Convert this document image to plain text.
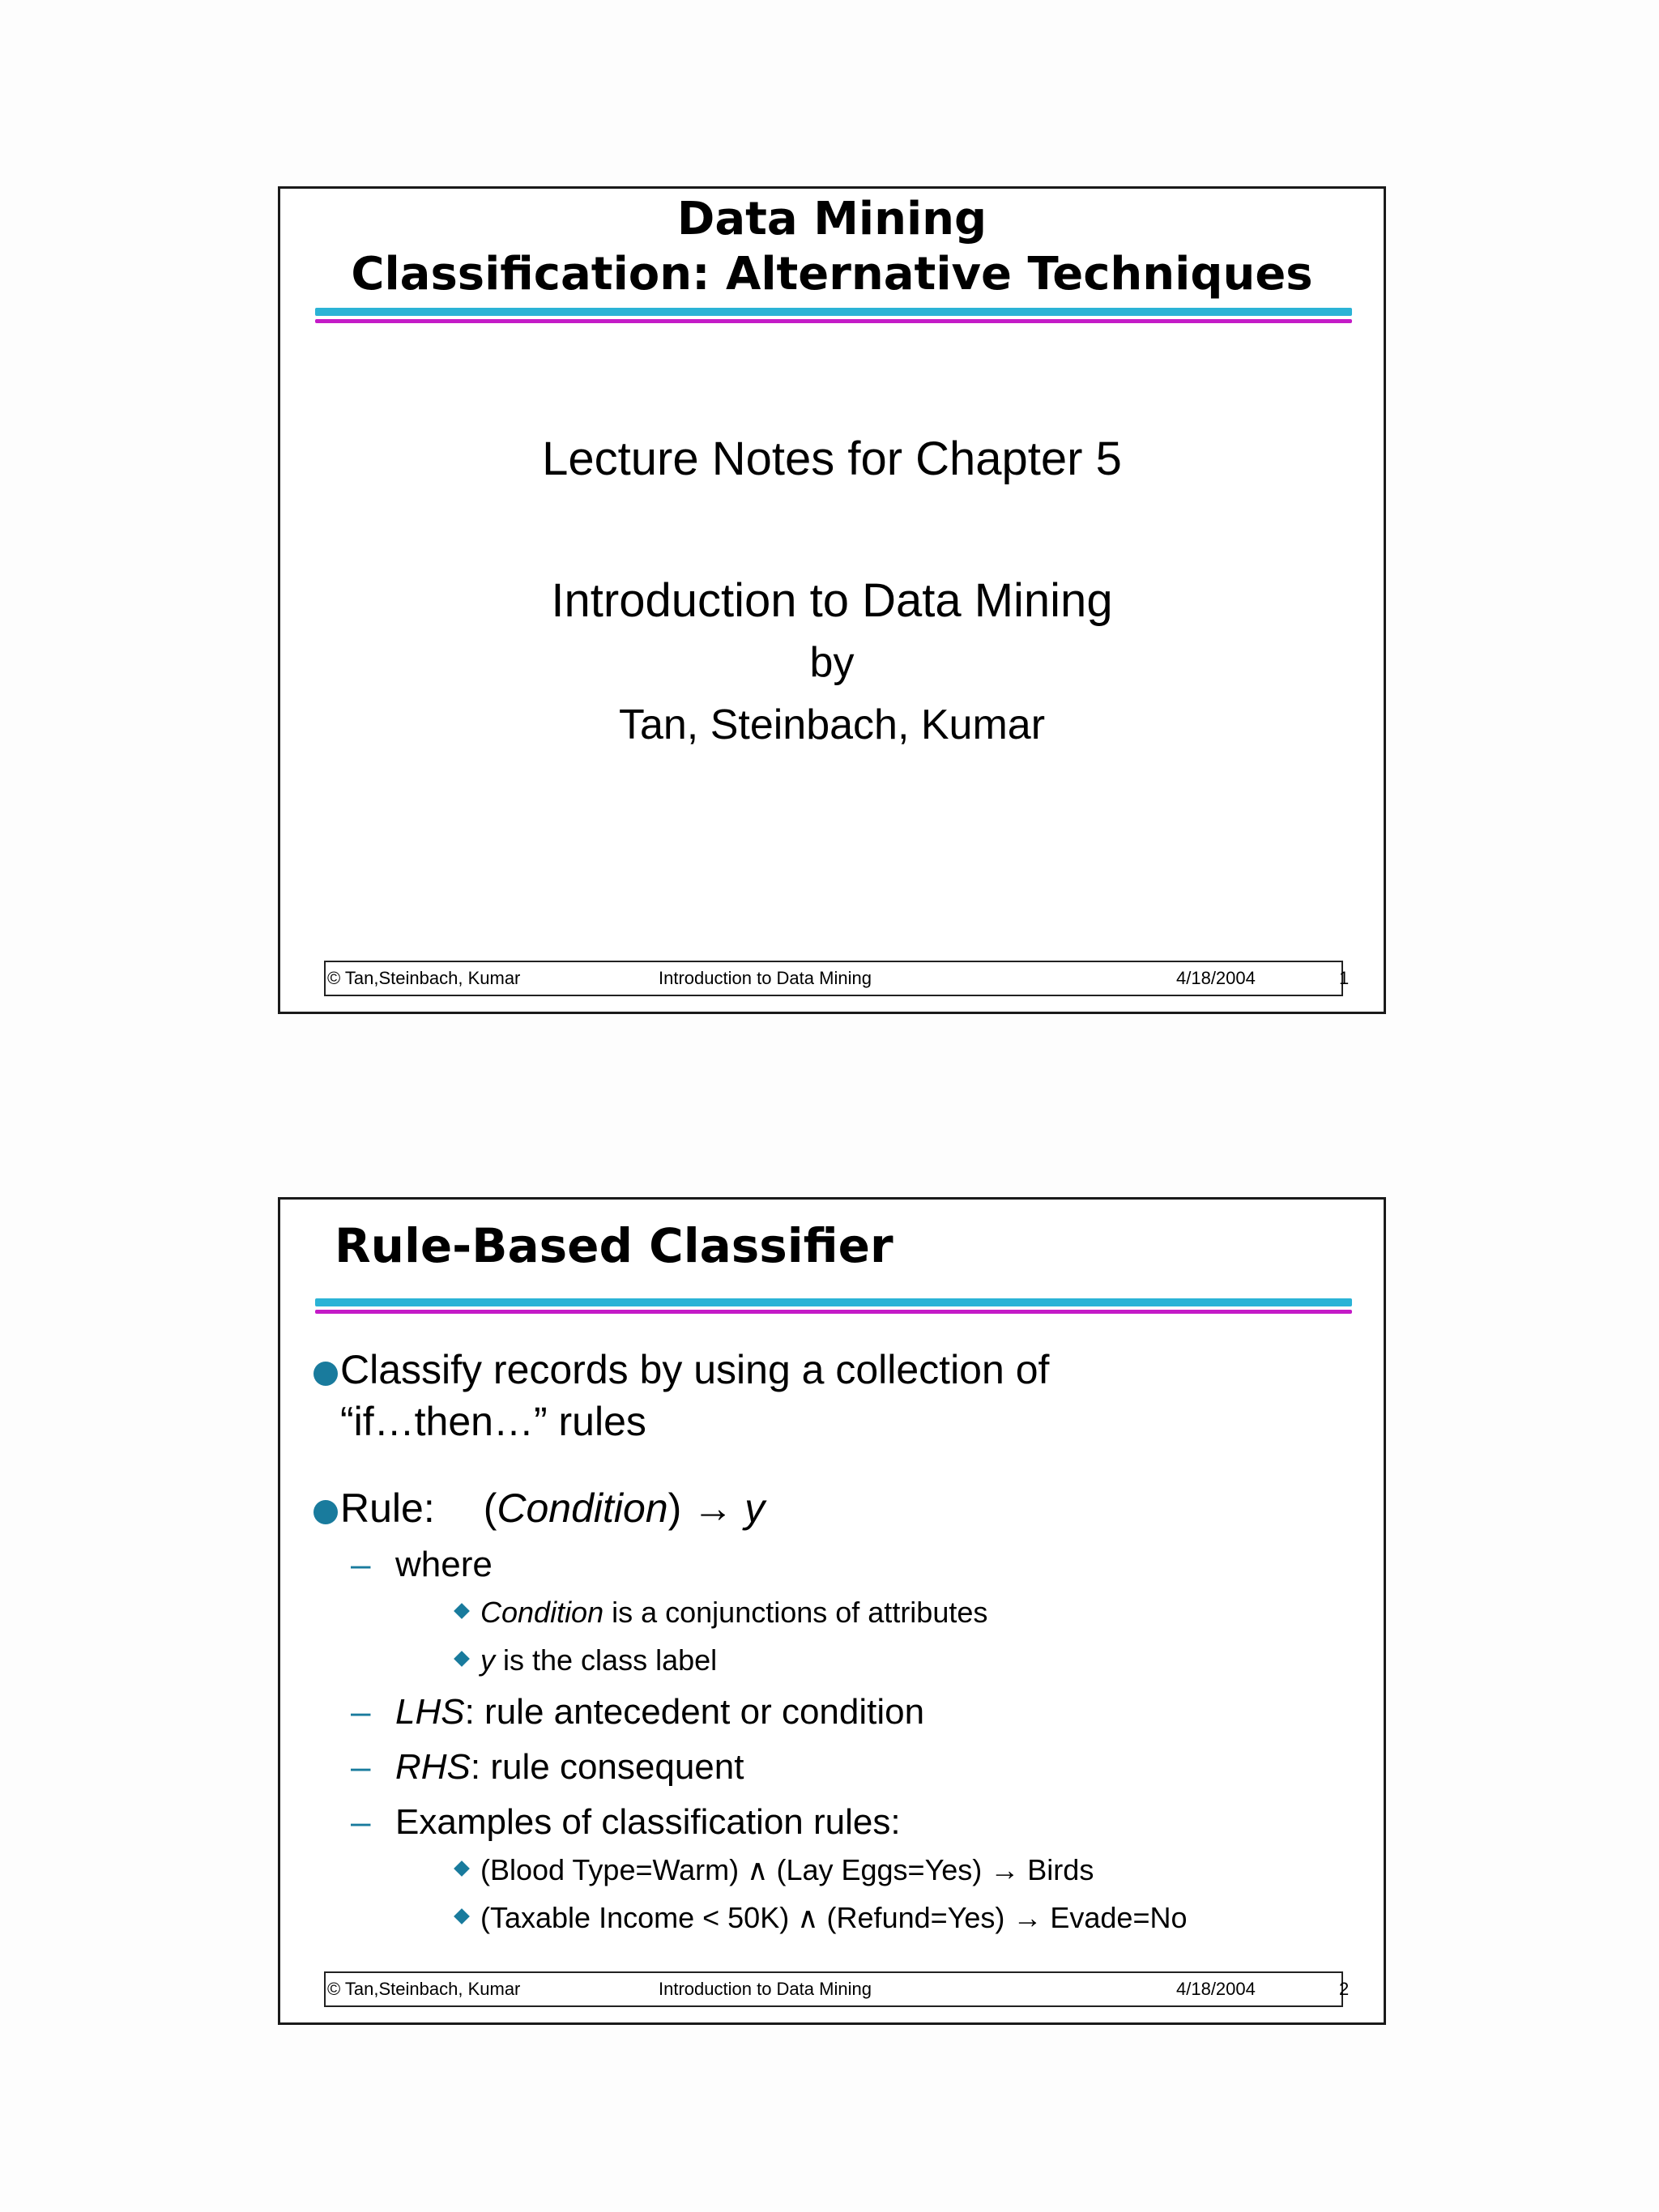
Data Mining
Classification: Alternative Techniques
Lecture Notes for Chapter 5
Introduction to Data Mining
by
Tan, Steinbach, Kumar
© Tan,Steinbach, Kumar	Introduction to Data Mining	4/18/2004	1
Rule-Based Classifier
Classify records by using a collection of
“if…then…” rules
Rule: (Condition) → y
– where
Condition is a conjunctions of attributes
y is the class label
– LHS: rule antecedent or condition
– RHS: rule consequent
– Examples of classification rules:
(Blood Type=Warm) ∧ (Lay Eggs=Yes) → Birds
(Taxable Income < 50K) ∧ (Refund=Yes) → Evade=No
© Tan,Steinbach, Kumar	Introduction to Data Mining	4/18/2004	2
